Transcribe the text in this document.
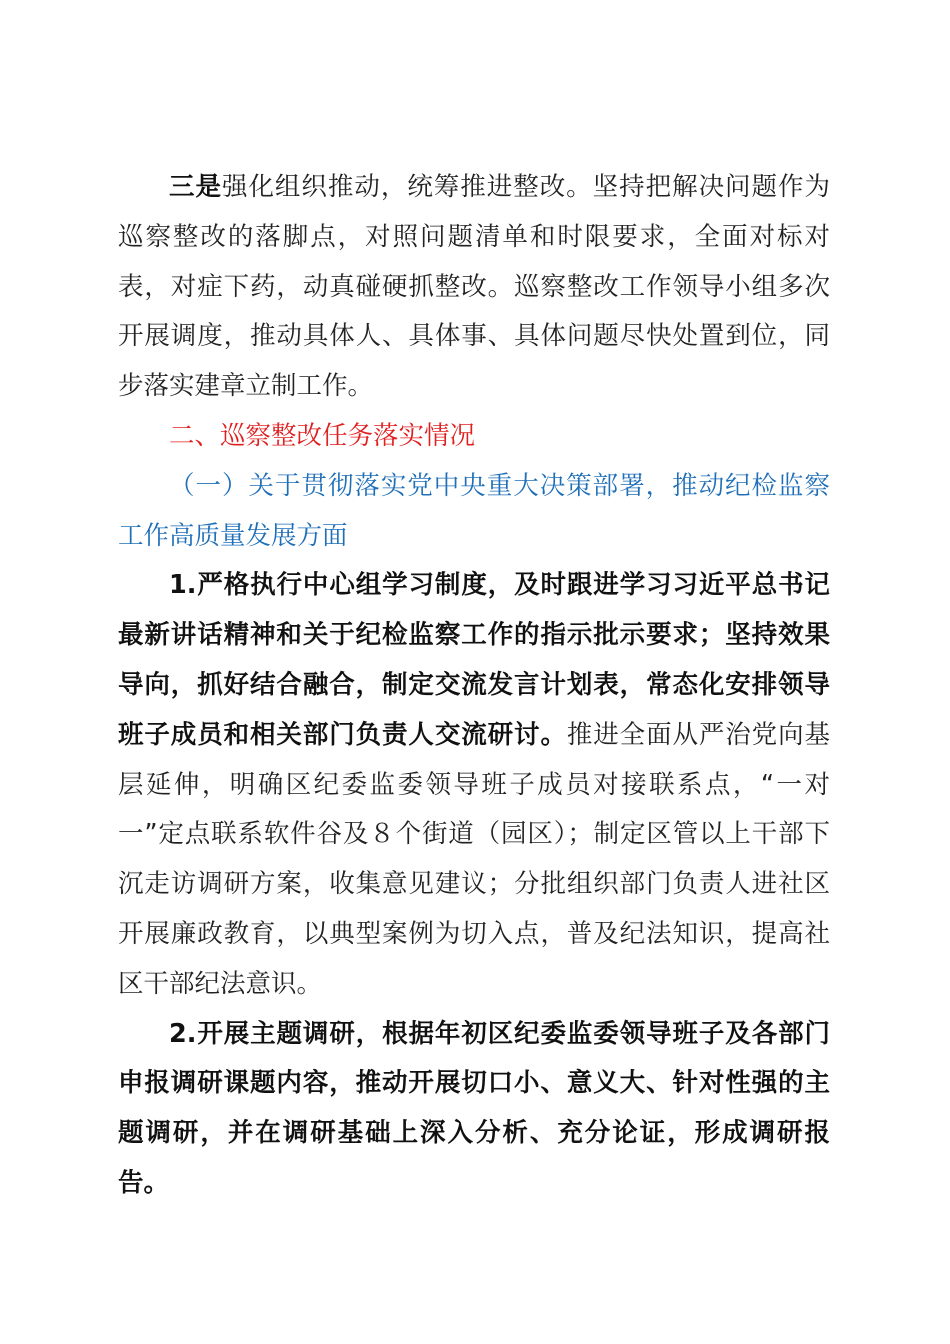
三是强化组织推动，统筹推进整改。坚持把解决问题作为巡察整改的落脚点，对照问题清单和时限要求，全面对标对表，对症下药，动真碰硬抓整改。巡察整改工作领导小组多次开展调度，推动具体人、具体事、具体问题尽快处置到位，同步落实建章立制工作。

二、巡察整改任务落实情况

（一）关于贯彻落实党中央重大决策部署，推动纪检监察工作高质量发展方面

1.严格执行中心组学习制度，及时跟进学习习近平总书记最新讲话精神和关于纪检监察工作的指示批示要求；坚持效果导向，抓好结合融合，制定交流发言计划表，常态化安排领导班子成员和相关部门负责人交流研讨。推进全面从严治党向基层延伸，明确区纪委监委领导班子成员对接联系点，“一对一”定点联系软件谷及８个街道（园区）；制定区管以上干部下沉走访调研方案，收集意见建议；分批组织部门负责人进社区开展廉政教育，以典型案例为切入点，普及纪法知识，提高社区干部纪法意识。

2.开展主题调研，根据年初区纪委监委领导班子及各部门申报调研课题内容，推动开展切口小、意义大、针对性强的主题调研，并在调研基础上深入分析、充分论证，形成调研报告。
